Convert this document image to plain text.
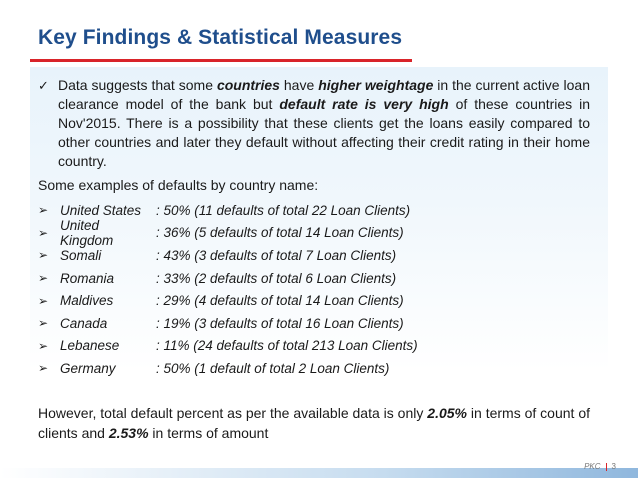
Key Findings & Statistical Measures
✓ Data suggests that some countries have higher weightage in the current active loan clearance model of the bank but default rate is very high of these countries in Nov'2015. There is a possibility that these clients get the loans easily compared to other countries and later they default without affecting their credit rating in their home country.
Some examples of defaults by country name:
➢ United States	: 50% (11 defaults of total 22 Loan Clients)
➢ United Kingdom	: 36% (5 defaults of total 14 Loan Clients)
➢ Somali	: 43% (3 defaults of total 7 Loan Clients)
➢ Romania	: 33% (2 defaults of total 6 Loan Clients)
➢ Maldives	: 29% (4 defaults of total 14 Loan Clients)
➢ Canada	: 19% (3 defaults of total 16 Loan Clients)
➢ Lebanese	: 11% (24 defaults of total 213 Loan Clients)
➢ Germany	: 50% (1 default of total 2 Loan Clients)
However, total default percent as per the available data is only 2.05% in terms of count of clients and 2.53% in terms of amount
PKC 3
